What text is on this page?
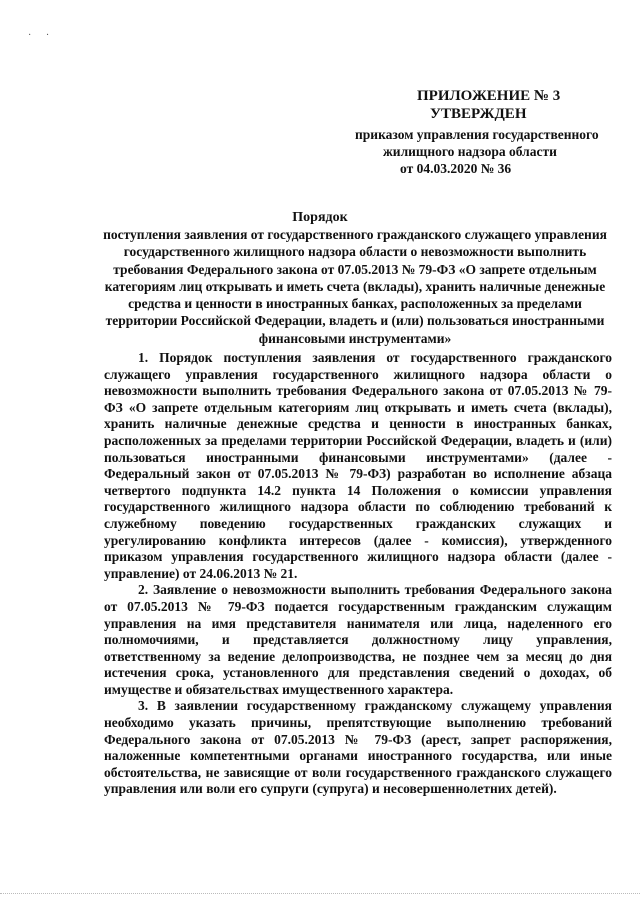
· ·
ПРИЛОЖЕНИЕ № 3
УТВЕРЖДЕН
приказом управления государственного
жилищного надзора области
от 04.03.2020 № 36
Порядок
поступления заявления от государственного гражданского служащего управления государственного жилищного надзора области о невозможности выполнить требования Федерального закона от 07.05.2013 № 79-ФЗ «О запрете отдельным категориям лиц открывать и иметь счета (вклады), хранить наличные денежные средства и ценности в иностранных банках, расположенных за пределами территории Российской Федерации, владеть и (или) пользоваться иностранными финансовыми инструментами»

1. Порядок поступления заявления от государственного гражданского служащего управления государственного жилищного надзора области о невозможности выполнить требования Федерального закона от 07.05.2013 № 79-ФЗ «О запрете отдельным категориям лиц открывать и иметь счета (вклады), хранить наличные денежные средства и ценности в иностранных банках, расположенных за пределами территории Российской Федерации, владеть и (или) пользоваться иностранными финансовыми инструментами» (далее - Федеральный закон от 07.05.2013 № 79-ФЗ) разработан во исполнение абзаца четвертого подпункта 14.2 пункта 14 Положения о комиссии управления государственного жилищного надзора области по соблюдению требований к служебному поведению государственных гражданских служащих и урегулированию конфликта интересов (далее - комиссия), утвержденного приказом управления государственного жилищного надзора области (далее - управление) от 24.06.2013 № 21.

2. Заявление о невозможности выполнить требования Федерального закона от 07.05.2013 № 79-ФЗ подается государственным гражданским служащим управления на имя представителя нанимателя или лица, наделенного его полномочиями, и представляется должностному лицу управления, ответственному за ведение делопроизводства, не позднее чем за месяц до дня истечения срока, установленного для представления сведений о доходах, об имуществе и обязательствах имущественного характера.

3. В заявлении государственному гражданскому служащему управления необходимо указать причины, препятствующие выполнению требований Федерального закона от 07.05.2013 № 79-ФЗ (арест, запрет распоряжения, наложенные компетентными органами иностранного государства, или иные обстоятельства, не зависящие от воли государственного гражданского служащего управления или воли его супруги (супруга) и несовершеннолетних детей).
